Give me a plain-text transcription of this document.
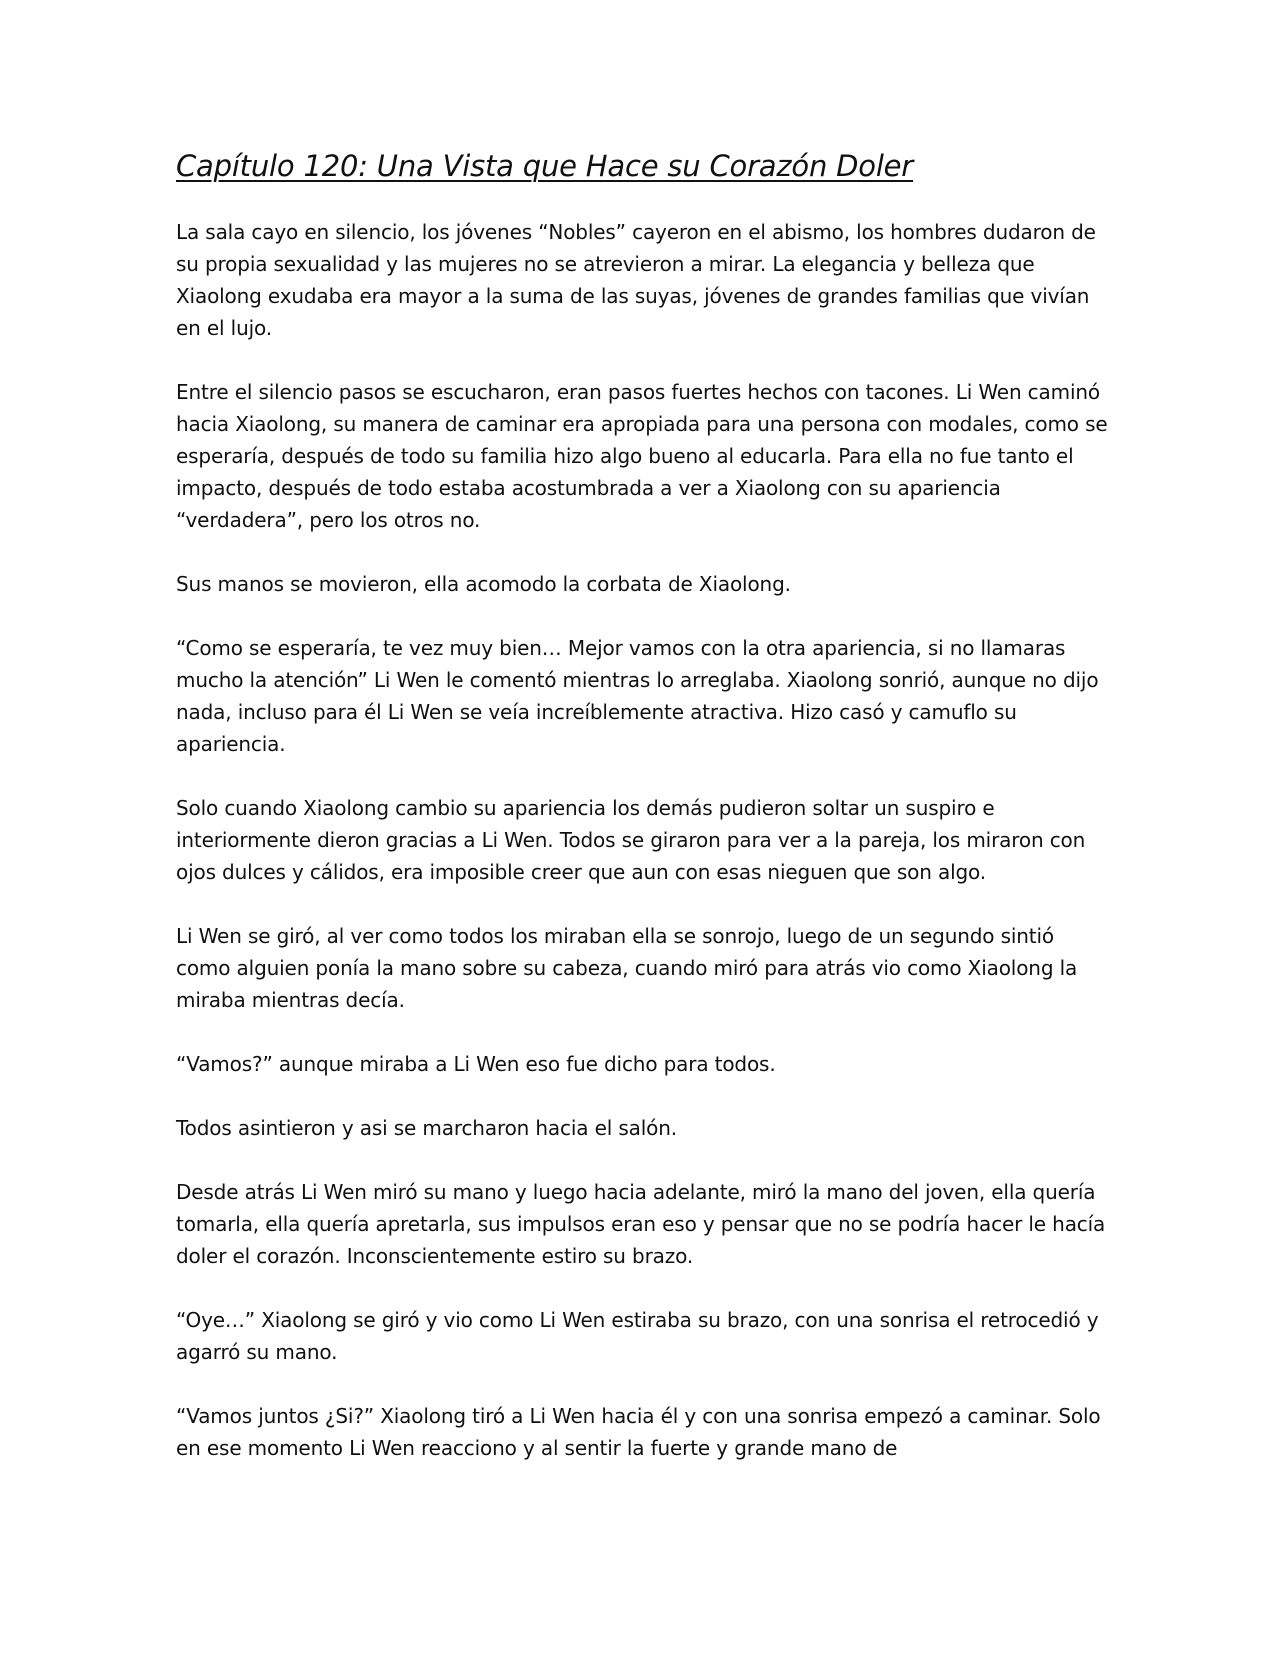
Capítulo 120: Una Vista que Hace su Corazón Doler

La sala cayo en silencio, los jóvenes “Nobles” cayeron en el abismo, los hombres dudaron de su propia sexualidad y las mujeres no se atrevieron a mirar. La elegancia y belleza que Xiaolong exudaba era mayor a la suma de las suyas, jóvenes de grandes familias que vivían en el lujo.

Entre el silencio pasos se escucharon, eran pasos fuertes hechos con tacones. Li Wen caminó hacia Xiaolong, su manera de caminar era apropiada para una persona con modales, como se esperaría, después de todo su familia hizo algo bueno al educarla. Para ella no fue tanto el impacto, después de todo estaba acostumbrada a ver a Xiaolong con su apariencia “verdadera”, pero los otros no.

Sus manos se movieron, ella acomodo la corbata de Xiaolong.

“Como se esperaría, te vez muy bien… Mejor vamos con la otra apariencia, si no llamaras mucho la atención” Li Wen le comentó mientras lo arreglaba. Xiaolong sonrió, aunque no dijo nada, incluso para él Li Wen se veía increíblemente atractiva. Hizo casó y camuflo su apariencia.

Solo cuando Xiaolong cambio su apariencia los demás pudieron soltar un suspiro e interiormente dieron gracias a Li Wen. Todos se giraron para ver a la pareja, los miraron con ojos dulces y cálidos, era imposible creer que aun con esas nieguen que son algo.

Li Wen se giró, al ver como todos los miraban ella se sonrojo, luego de un segundo sintió como alguien ponía la mano sobre su cabeza, cuando miró para atrás vio como Xiaolong la miraba mientras decía.

“Vamos?” aunque miraba a Li Wen eso fue dicho para todos.

Todos asintieron y asi se marcharon hacia el salón.

Desde atrás Li Wen miró su mano y luego hacia adelante, miró la mano del joven, ella quería tomarla, ella quería apretarla, sus impulsos eran eso y pensar que no se podría hacer le hacía doler el corazón. Inconscientemente estiro su brazo.

“Oye…” Xiaolong se giró y vio como Li Wen estiraba su brazo, con una sonrisa el retrocedió y agarró su mano.

“Vamos juntos ¿Si?” Xiaolong tiró a Li Wen hacia él y con una sonrisa empezó a caminar. Solo en ese momento Li Wen reacciono y al sentir la fuerte y grande mano de
